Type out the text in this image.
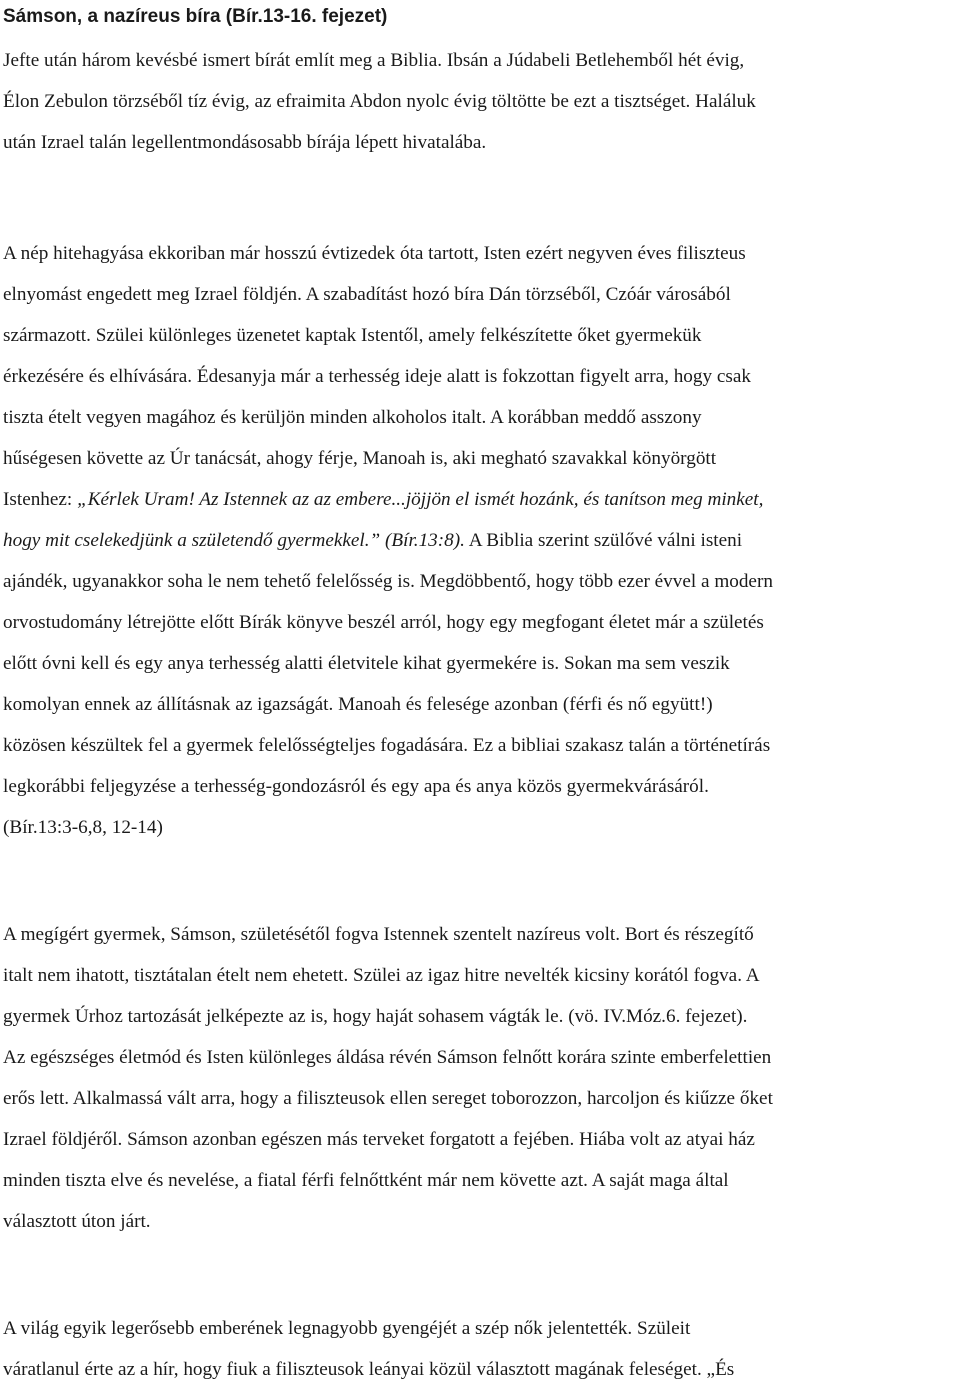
Sámson, a nazíreus bíra (Bír.13-16. fejezet)
Jefte után három kevésbé ismert bírát említ meg a Biblia. Ibsán a Júdabeli Betlehemből hét évig,
Élon Zebulon törzséből tíz évig, az efraimita Abdon nyolc évig töltötte be ezt a tisztséget. Haláluk
után Izrael talán legellentmondásosabb bírája lépett hivatalába.
A nép hitehagyása ekkoriban már hosszú évtizedek óta tartott, Isten ezért negyven éves filiszteus
elnyomást engedett meg Izrael földjén. A szabadítást hozó bíra Dán törzséből, Czóár városából
származott. Szülei különleges üzenetet kaptak Istentől, amely felkészítette őket gyermekük
érkezésére és elhívására. Édesanyja már a terhesség ideje alatt is fokzottan figyelt arra, hogy csak
tiszta ételt vegyen magához és kerüljön minden alkoholos italt. A korábban meddő asszony
hűségesen követte az Úr tanácsát, ahogy férje, Manoah is, aki megható szavakkal könyörgött
Istenhez: „Kérlek Uram! Az Istennek az az embere...jöjjön el ismét hozánk, és tanítson meg minket,
hogy mit cselekedjünk a születendő gyermekkel.” (Bír.13:8). A Biblia szerint szülővé válni isteni
ajándék, ugyanakkor soha le nem tehető felelősség is. Megdöbbentő, hogy több ezer évvel a modern
orvostudomány létrejötte előtt Bírák könyve beszél arról, hogy egy megfogant életet már a születés
előtt óvni kell és egy anya terhesség alatti életvitele kihat gyermekére is. Sokan ma sem veszik
komolyan ennek az állításnak az igazságát. Manoah és felesége azonban (férfi és nő együtt!)
közösen készültek fel a gyermek felelősségteljes fogadására. Ez a bibliai szakasz talán a történetírás
legkorábbi feljegyzése a terhesség-gondozásról és egy apa és anya közös gyermekvárásáról.
(Bír.13:3-6,8, 12-14)
A megígért gyermek, Sámson, születésétől fogva Istennek szentelt nazíreus volt. Bort és részegítő
italt nem ihatott, tisztátalan ételt nem ehetett. Szülei az igaz hitre nevelték kicsiny korától fogva. A
gyermek Úrhoz tartozását jelképezte az is, hogy haját sohasem vágták le. (vö. IV.Móz.6. fejezet).
Az egészséges életmód és Isten különleges áldása révén Sámson felnőtt korára szinte emberfelettien
erős lett. Alkalmassá vált arra, hogy a filiszteusok ellen sereget toborozzon, harcoljon és kiűzze őket
Izrael földjéről. Sámson azonban egészen más terveket forgatott a fejében. Hiába volt az atyai ház
minden tiszta elve és nevelése, a fiatal férfi felnőttként már nem követte azt. A saját maga által
választott úton járt.
A világ egyik legerősebb emberének legnagyobb gyengéjét a szép nők jelentették. Szüleit
váratlanul érte az a hír, hogy fiuk a filiszteusok leányai közül választott magának feleséget. „És
